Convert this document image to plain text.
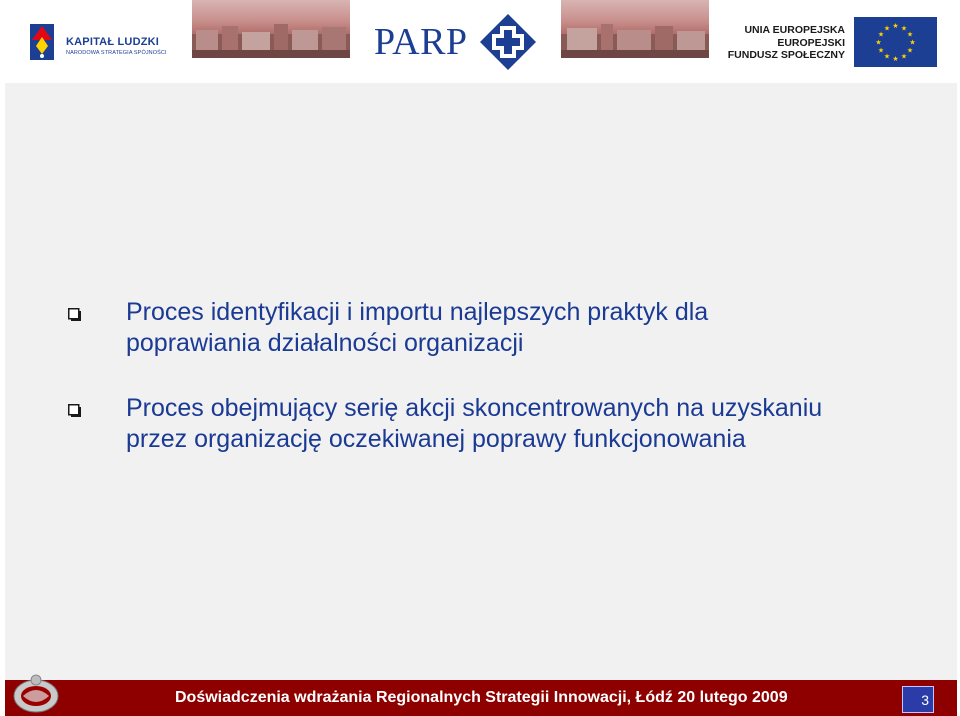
KAPITAŁ LUDZKI
NARODOWA STRATEGIA SPÓJNOŚCI	PARP	UNIA EUROPEJSKA
EUROPEJSKI
FUNDUSZ SPOŁECZNY
★ ★
★
★
★
★
★
★
★
★
★
★
Proces identyfikacji i importu najlepszych praktyk dla poprawiania działalności organizacji
Proces obejmujący serię akcji skoncentrowanych na uzyskaniu przez organizację oczekiwanej poprawy funkcjonowania
Doświadczenia wdrażania Regionalnych Strategii Innowacji, Łódź 20 lutego 2009	3
